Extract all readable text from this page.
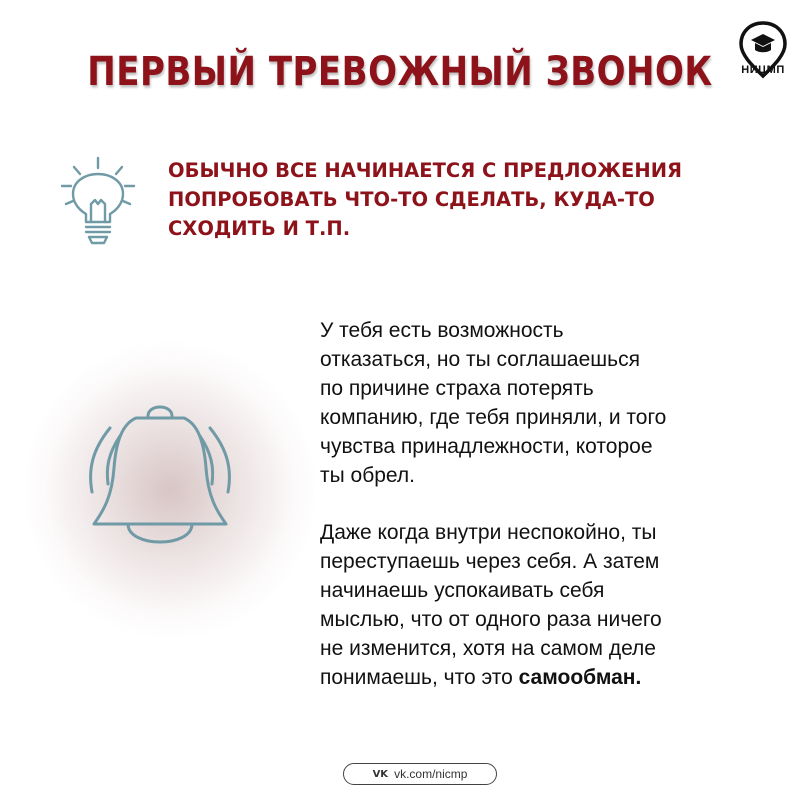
ПЕРВЫЙ ТРЕВОЖНЫЙ ЗВОНОК	НИЦМП
ОБЫЧНО ВСЕ НАЧИНАЕТСЯ С ПРЕДЛОЖЕНИЯ
ПОПРОБОВАТЬ ЧТО-ТО СДЕЛАТЬ, КУДА-ТО
СХОДИТЬ И Т.П.
У тебя есть возможность
отказаться, но ты соглашаешься
по причине страха потерять
компанию, где тебя приняли, и того
чувства принадлежности, которое
ты обрел.
Даже когда внутри неспокойно, ты
переступаешь через себя. А затем
начинаешь успокаивать себя
мыслью, что от одного раза ничего
не изменится, хотя на самом деле
понимаешь, что это самообман.
VK vk.com/nicmp
